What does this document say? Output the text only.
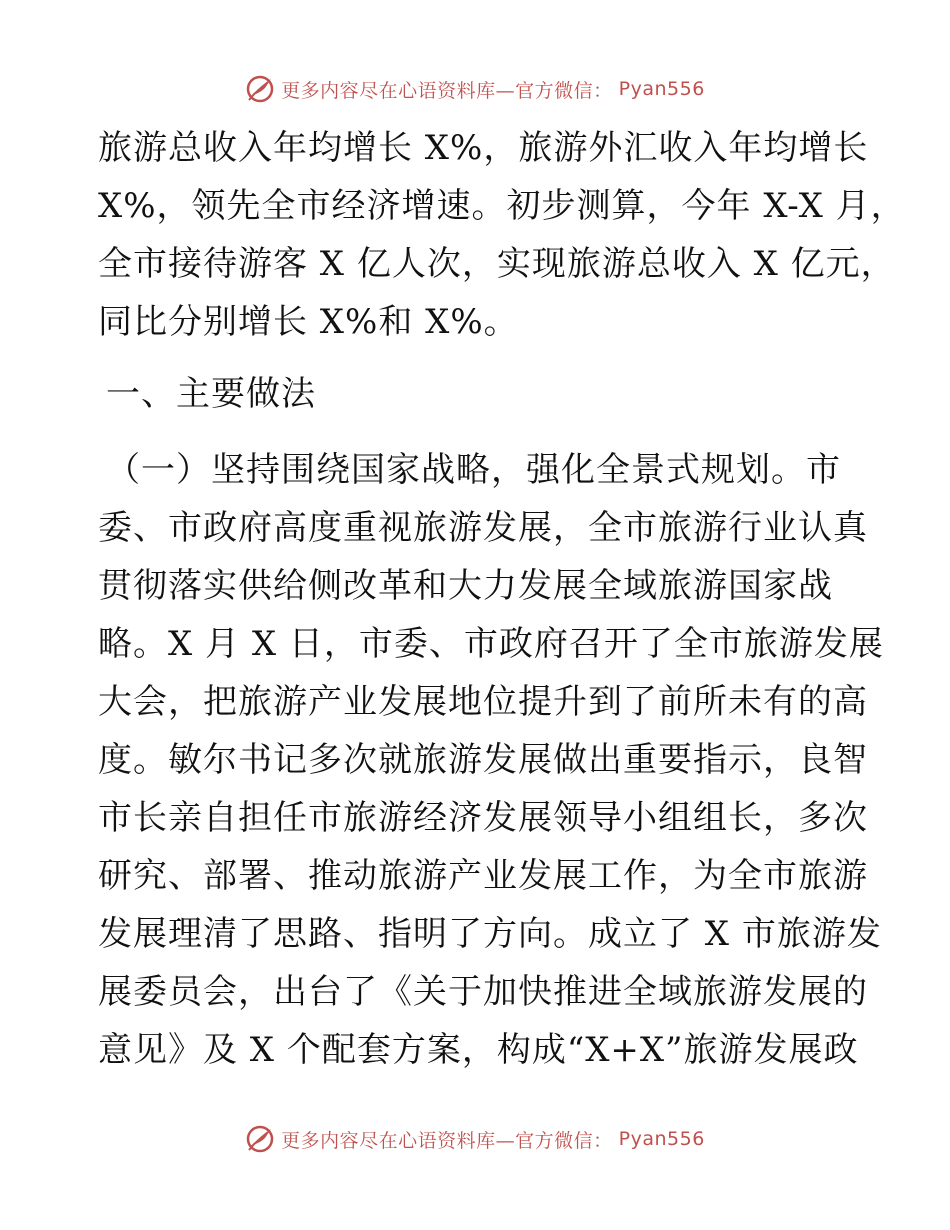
更多内容尽在心语资料库—官方微信： Pyan556
旅游总收入年均增长 X%，旅游外汇收入年均增长
X%，领先全市经济增速。初步测算，今年 X-X 月，
全市接待游客 X 亿人次，实现旅游总收入 X 亿元，
同比分别增长 X%和 X%。
一、主要做法
（一）坚持围绕国家战略，强化全景式规划。市
委、市政府高度重视旅游发展，全市旅游行业认真
贯彻落实供给侧改革和大力发展全域旅游国家战
略。X 月 X 日，市委、市政府召开了全市旅游发展
大会，把旅游产业发展地位提升到了前所未有的高
度。敏尔书记多次就旅游发展做出重要指示，良智
市长亲自担任市旅游经济发展领导小组组长，多次
研究、部署、推动旅游产业发展工作，为全市旅游
发展理清了思路、指明了方向。成立了 X 市旅游发
展委员会，出台了《关于加快推进全域旅游发展的
意见》及 X 个配套方案，构成“X+X”旅游发展政
更多内容尽在心语资料库—官方微信： Pyan556
